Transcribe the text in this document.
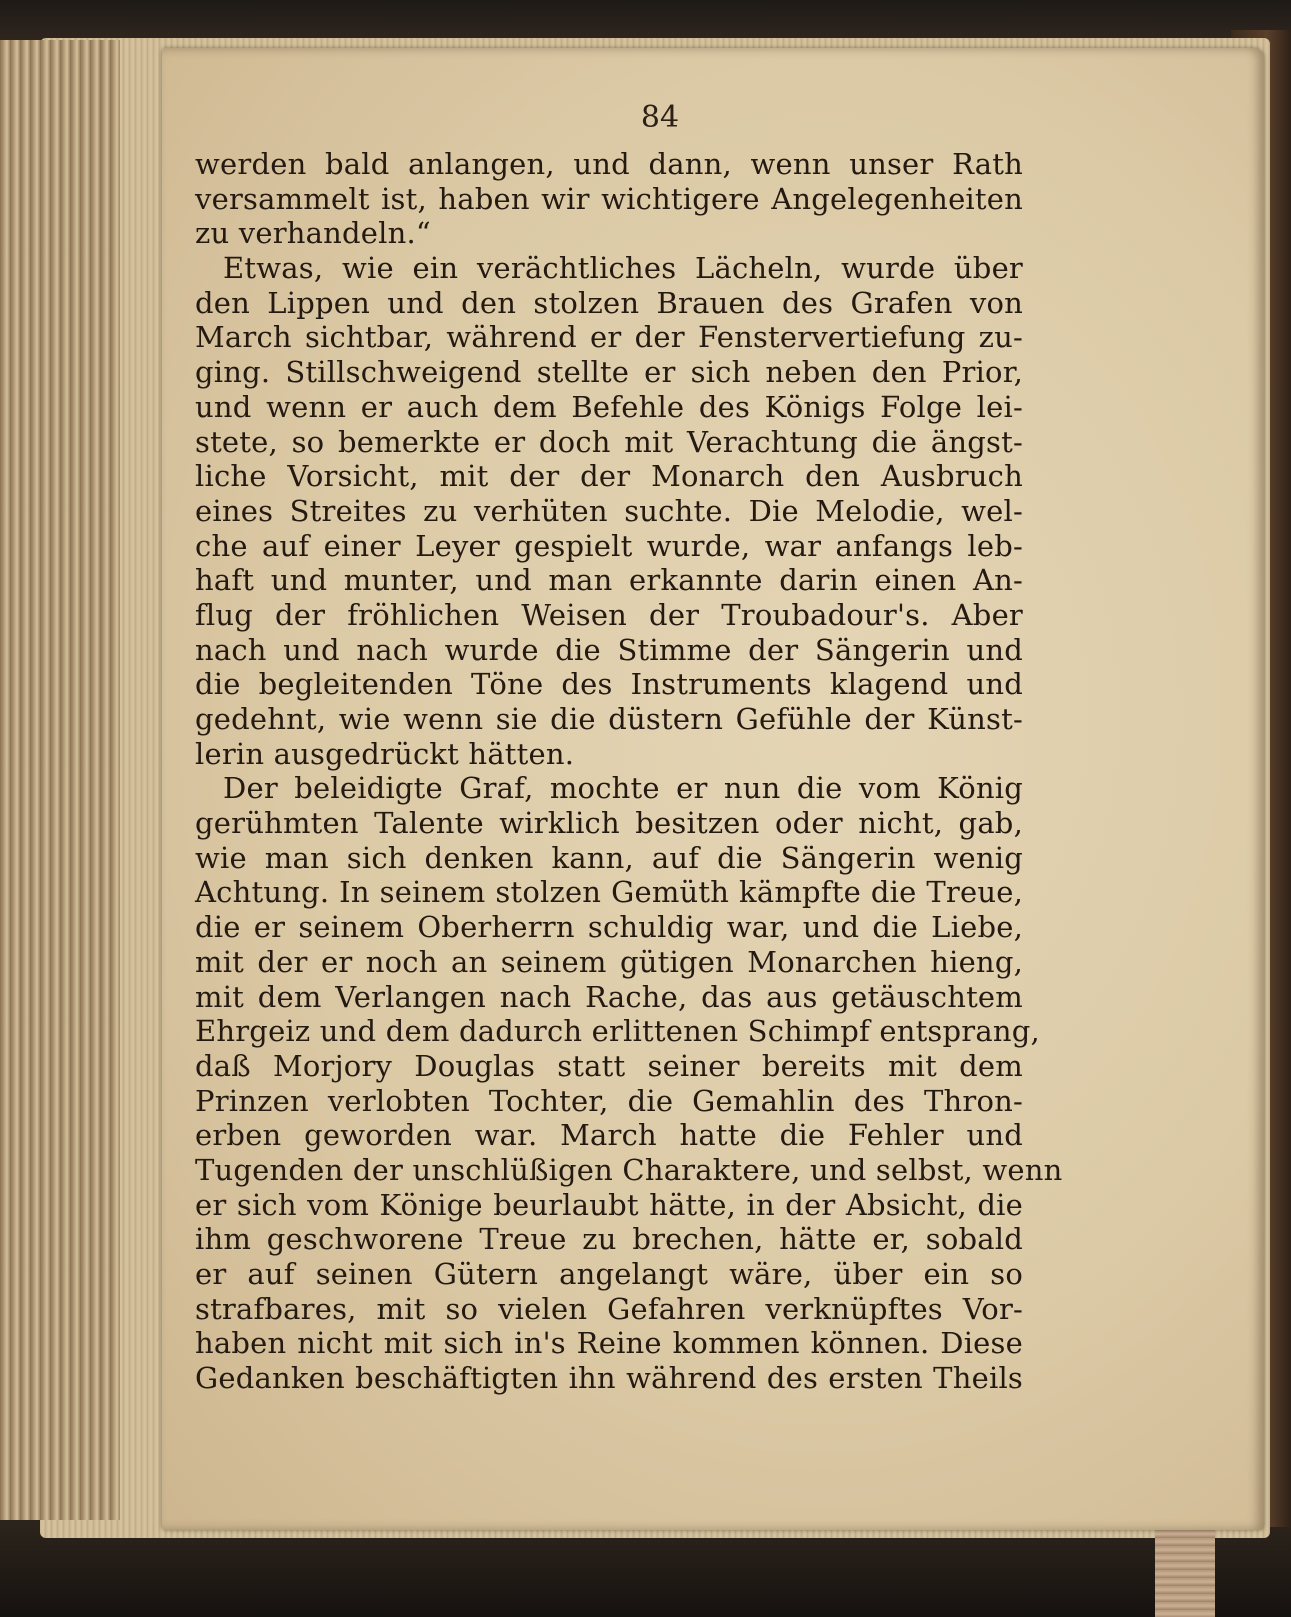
84
werden bald anlangen, und dann, wenn unser Rath
versammelt ist, haben wir wichtigere Angelegenheiten
zu verhandeln.“
Etwas, wie ein verächtliches Lächeln, wurde über
den Lippen und den stolzen Brauen des Grafen von
March sichtbar, während er der Fenstervertiefung zu-
ging. Stillschweigend stellte er sich neben den Prior,
und wenn er auch dem Befehle des Königs Folge lei-
stete, so bemerkte er doch mit Verachtung die ängst-
liche Vorsicht, mit der der Monarch den Ausbruch
eines Streites zu verhüten suchte. Die Melodie, wel-
che auf einer Leyer gespielt wurde, war anfangs leb-
haft und munter, und man erkannte darin einen An-
flug der fröhlichen Weisen der Troubadour's. Aber
nach und nach wurde die Stimme der Sängerin und
die begleitenden Töne des Instruments klagend und
gedehnt, wie wenn sie die düstern Gefühle der Künst-
lerin ausgedrückt hätten.
Der beleidigte Graf, mochte er nun die vom König
gerühmten Talente wirklich besitzen oder nicht, gab,
wie man sich denken kann, auf die Sängerin wenig
Achtung. In seinem stolzen Gemüth kämpfte die Treue,
die er seinem Oberherrn schuldig war, und die Liebe,
mit der er noch an seinem gütigen Monarchen hieng,
mit dem Verlangen nach Rache, das aus getäuschtem
Ehrgeiz und dem dadurch erlittenen Schimpf entsprang,
daß Morjory Douglas statt seiner bereits mit dem
Prinzen verlobten Tochter, die Gemahlin des Thron-
erben geworden war. March hatte die Fehler und
Tugenden der unschlüßigen Charaktere, und selbst, wenn
er sich vom Könige beurlaubt hätte, in der Absicht, die
ihm geschworene Treue zu brechen, hätte er, sobald
er auf seinen Gütern angelangt wäre, über ein so
strafbares, mit so vielen Gefahren verknüpftes Vor-
haben nicht mit sich in's Reine kommen können. Diese
Gedanken beschäftigten ihn während des ersten Theils
